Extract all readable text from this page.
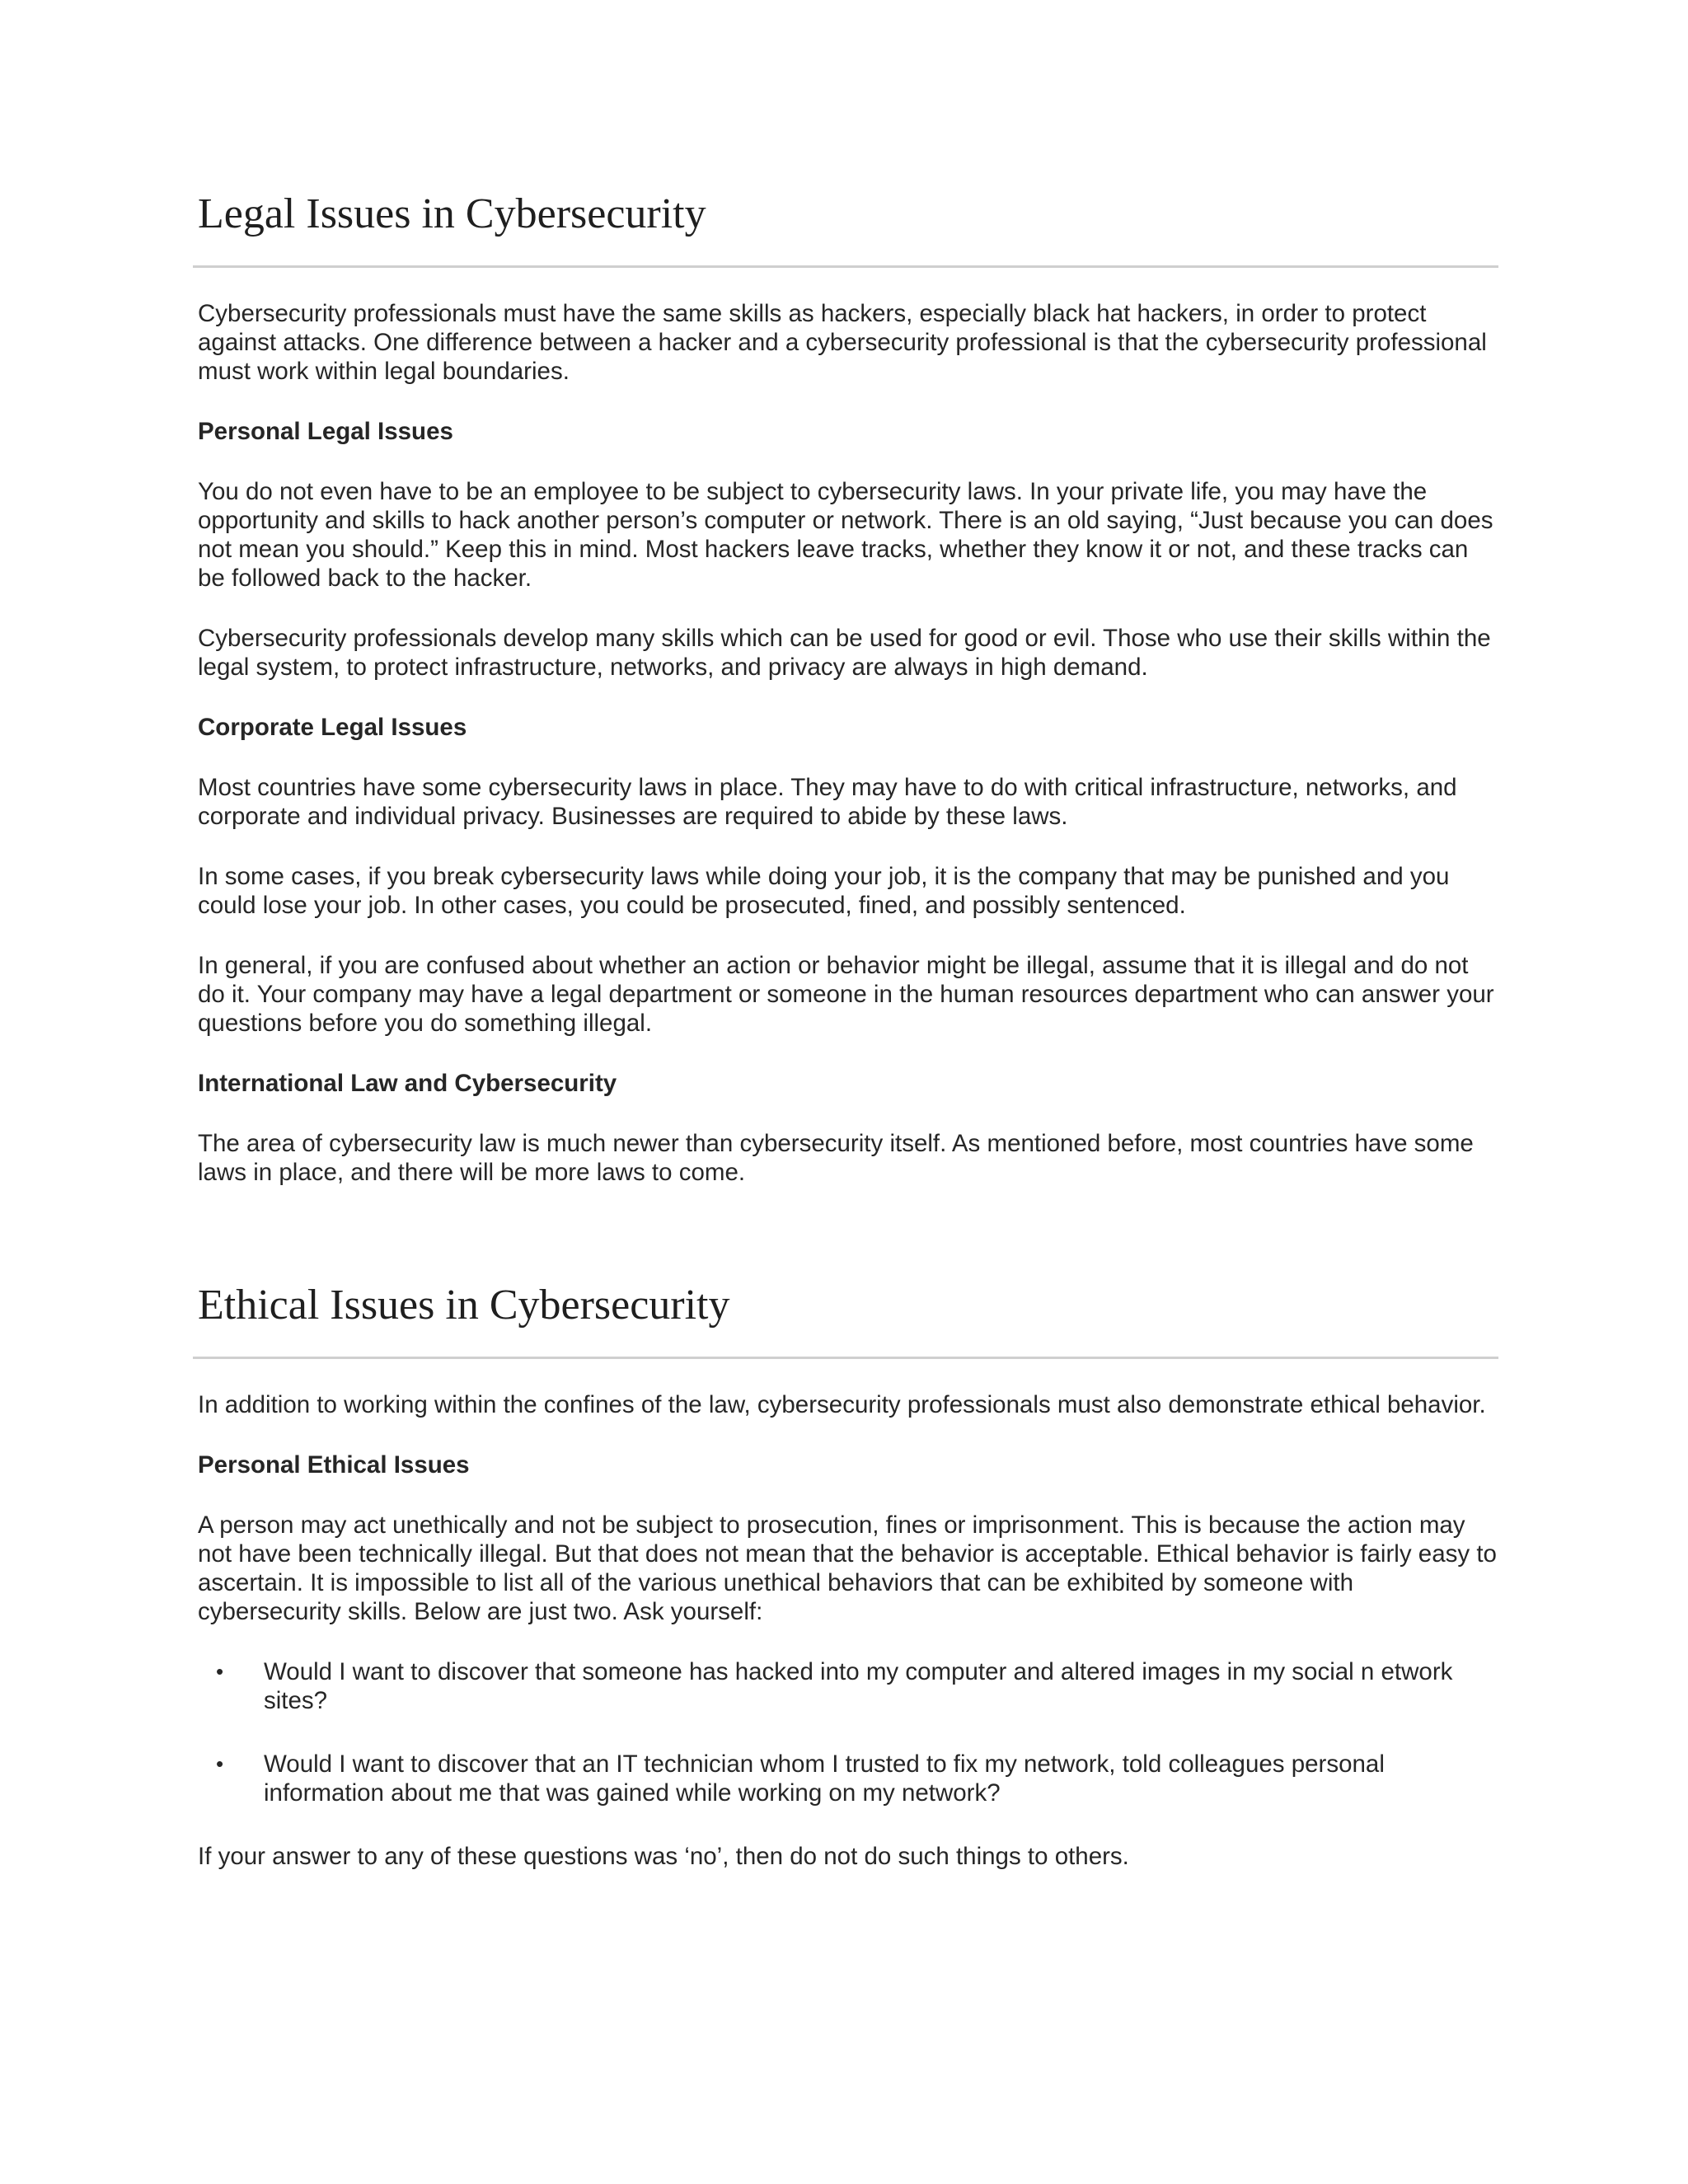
Legal Issues in Cybersecurity

Cybersecurity professionals must have the same skills as hackers, especially black hat hackers, in order to protect against attacks. One difference between a hacker and a cybersecurity professional is that the cybersecurity professional must work within legal boundaries.

Personal Legal Issues

You do not even have to be an employee to be subject to cybersecurity laws. In your private life, you may have the opportunity and skills to hack another person’s computer or network. There is an old saying, “Just because you can does not mean you should.” Keep this in mind. Most hackers leave tracks, whether they know it or not, and these tracks can be followed back to the hacker.

Cybersecurity professionals develop many skills which can be used for good or evil. Those who use their skills within the legal system, to protect infrastructure, networks, and privacy are always in high demand.

Corporate Legal Issues

Most countries have some cybersecurity laws in place. They may have to do with critical infrastructure, networks, and corporate and individual privacy. Businesses are required to abide by these laws.

In some cases, if you break cybersecurity laws while doing your job, it is the company that may be punished and you could lose your job. In other cases, you could be prosecuted, fined, and possibly sentenced.

In general, if you are confused about whether an action or behavior might be illegal, assume that it is illegal and do not do it. Your company may have a legal department or someone in the human resources department who can answer your questions before you do something illegal.

International Law and Cybersecurity

The area of cybersecurity law is much newer than cybersecurity itself. As mentioned before, most countries have some laws in place, and there will be more laws to come.

Ethical Issues in Cybersecurity

In addition to working within the confines of the law, cybersecurity professionals must also demonstrate ethical behavior.

Personal Ethical Issues

A person may act unethically and not be subject to prosecution, fines or imprisonment. This is because the action may not have been technically illegal. But that does not mean that the behavior is acceptable. Ethical behavior is fairly easy to ascertain. It is impossible to list all of the various unethical behaviors that can be exhibited by someone with cybersecurity skills. Below are just two. Ask yourself:

• Would I want to discover that someone has hacked into my computer and altered images in my social n etwork sites?
• Would I want to discover that an IT technician whom I trusted to fix my network, told colleagues personal information about me that was gained while working on my network?

If your answer to any of these questions was ‘no’, then do not do such things to others.
